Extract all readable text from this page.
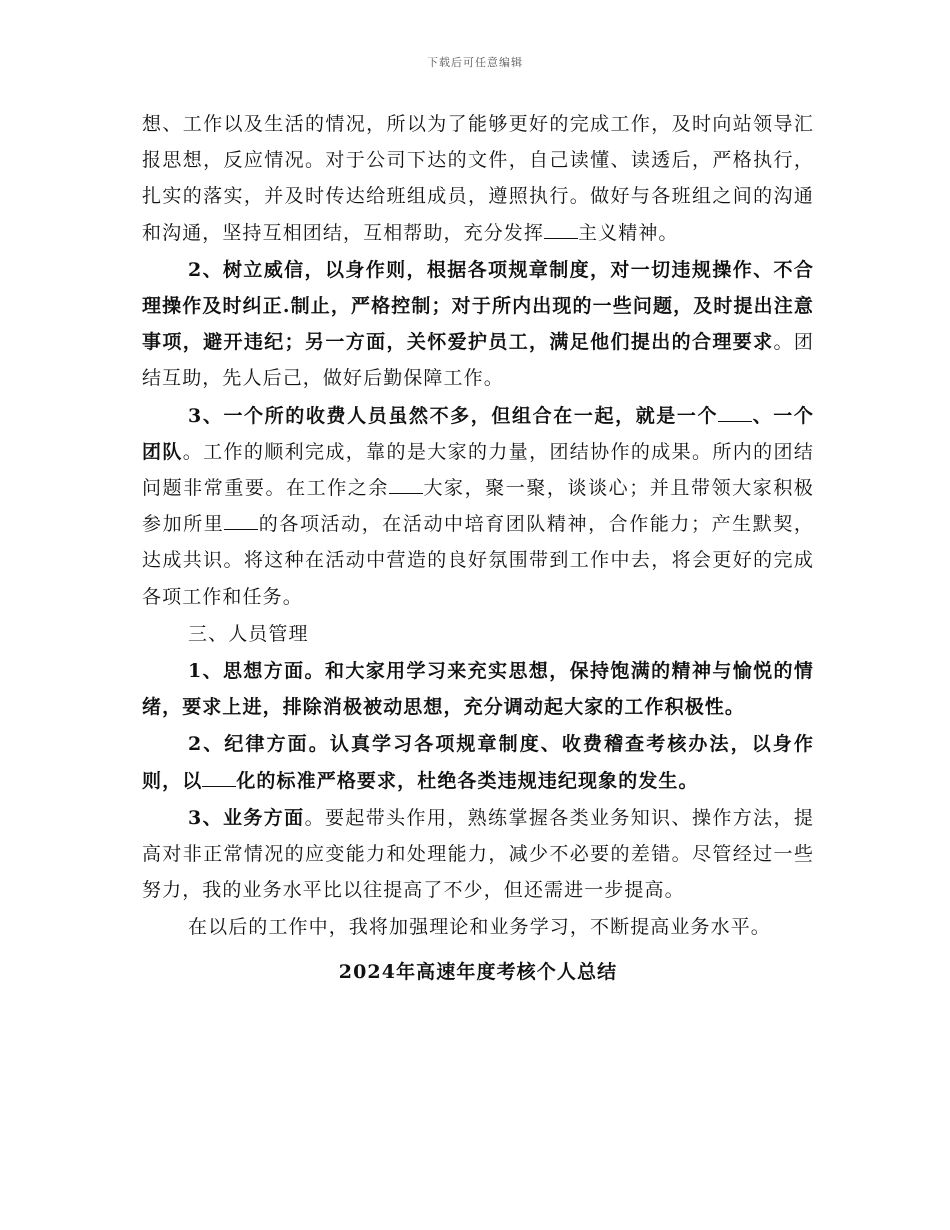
下载后可任意编辑

想、工作以及生活的情况，所以为了能够更好的完成工作，及时向站领导汇报思想，反应情况。对于公司下达的文件，自己读懂、读透后，严格执行，扎实的落实，并及时传达给班组成员，遵照执行。做好与各班组之间的沟通和沟通，坚持互相团结，互相帮助，充分发挥 主义精神。

2、树立威信，以身作则，根据各项规章制度，对一切违规操作、不合理操作及时纠正.制止，严格控制；对于所内出现的一些问题，及时提出注意事项，避开违纪；另一方面，关怀爱护员工，满足他们提出的合理要求。团结互助，先人后己，做好后勤保障工作。

3、一个所的收费人员虽然不多，但组合在一起，就是一个 、一个团队。工作的顺利完成，靠的是大家的力量，团结协作的成果。所内的团结问题非常重要。在工作之余 大家，聚一聚，谈谈心；并且带领大家积极参加所里 的各项活动，在活动中培育团队精神，合作能力；产生默契，达成共识。将这种在活动中营造的良好氛围带到工作中去，将会更好的完成各项工作和任务。

三、人员管理

1、思想方面。和大家用学习来充实思想，保持饱满的精神与愉悦的情绪，要求上进，排除消极被动思想，充分调动起大家的工作积极性。

2、纪律方面。认真学习各项规章制度、收费稽查考核办法，以身作则，以 化的标准严格要求，杜绝各类违规违纪现象的发生。

3、业务方面。要起带头作用，熟练掌握各类业务知识、操作方法，提高对非正常情况的应变能力和处理能力，减少不必要的差错。尽管经过一些努力，我的业务水平比以往提高了不少，但还需进一步提高。

在以后的工作中，我将加强理论和业务学习，不断提高业务水平。

2024年高速年度考核个人总结
